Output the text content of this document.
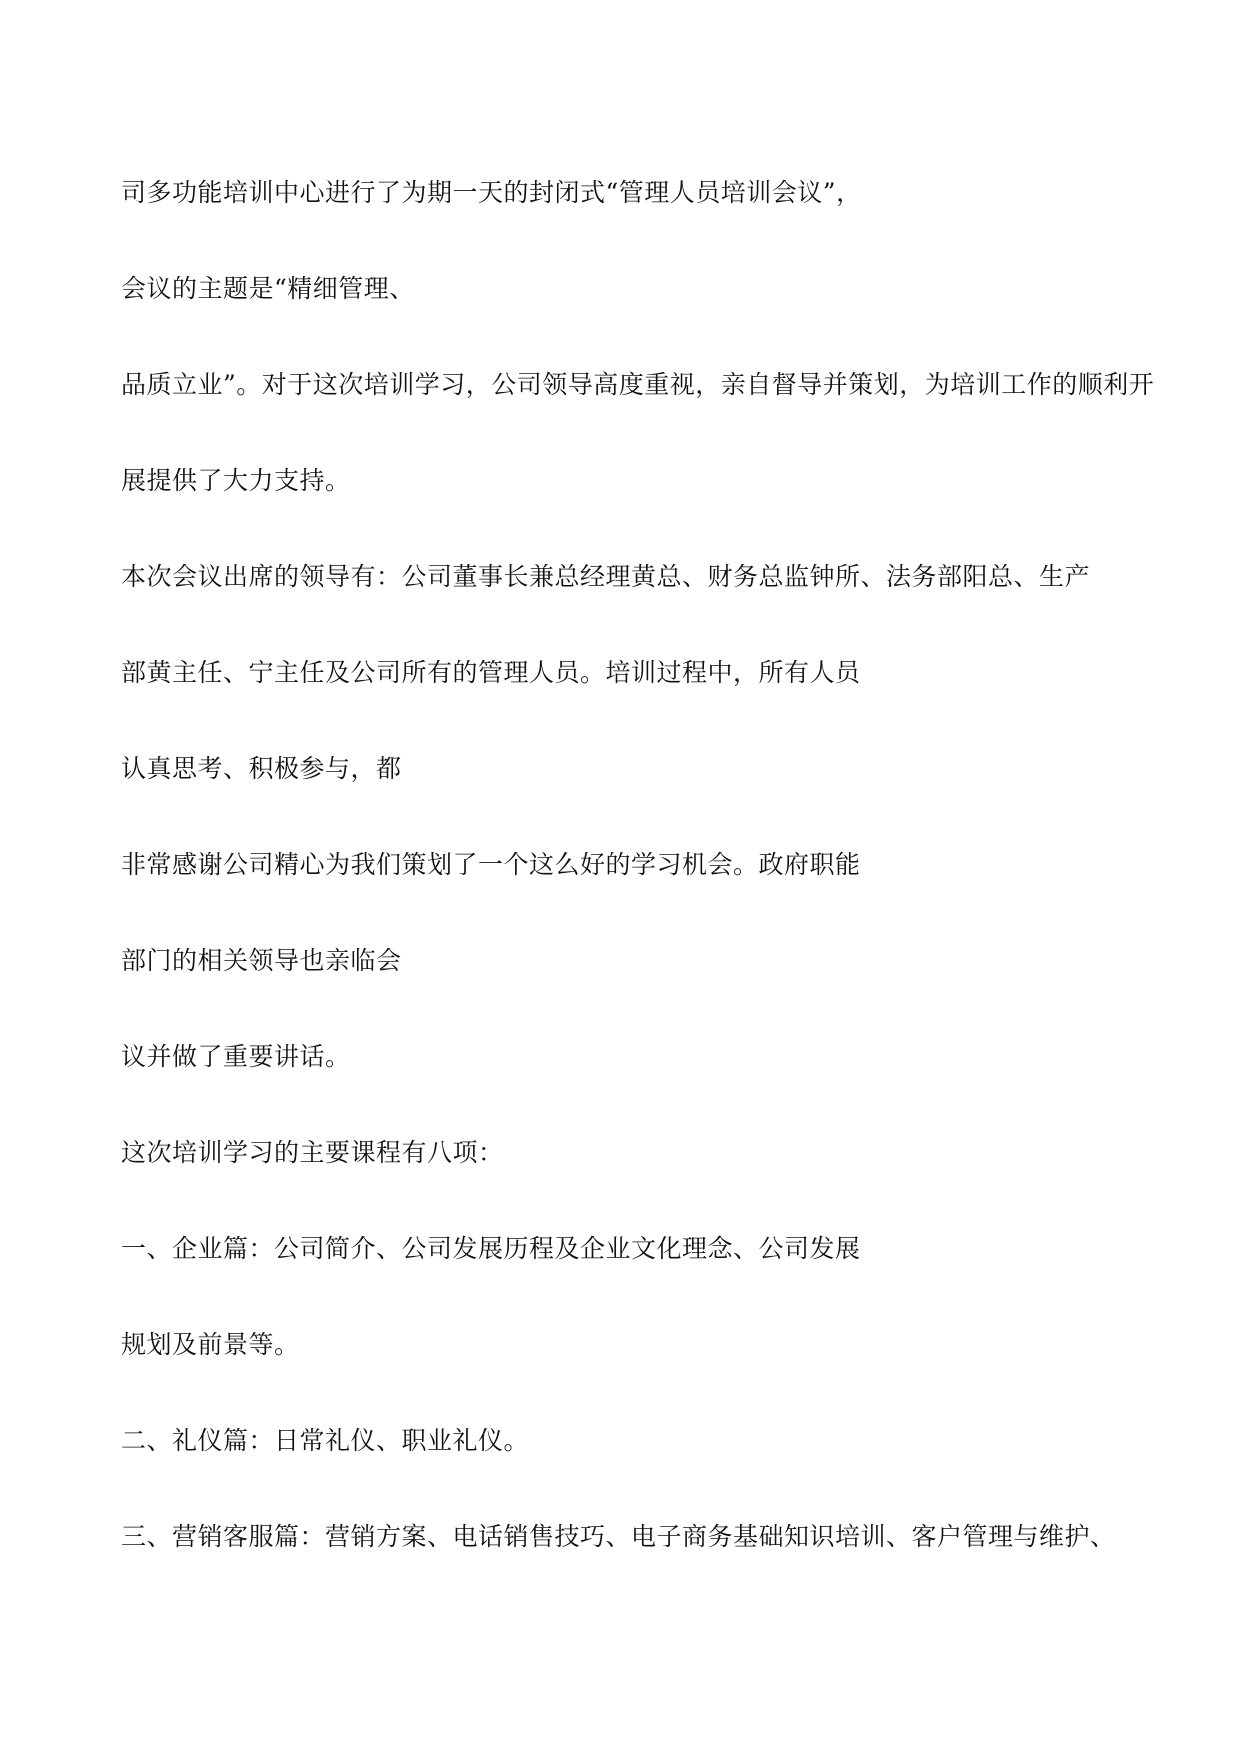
司多功能培训中心进行了为期一天的封闭式“管理人员培训会议”，
会议的主题是“精细管理、
品质立业”。对于这次培训学习，公司领导高度重视，亲自督导并策划，为培训工作的顺利开
展提供了大力支持。
本次会议出席的领导有：公司董事长兼总经理黄总、财务总监钟所、法务部阳总、生产
部黄主任、宁主任及公司所有的管理人员。培训过程中，所有人员
认真思考、积极参与，都
非常感谢公司精心为我们策划了一个这么好的学习机会。政府职能
部门的相关领导也亲临会
议并做了重要讲话。
这次培训学习的主要课程有八项：
一、企业篇：公司简介、公司发展历程及企业文化理念、公司发展
规划及前景等。
二、礼仪篇：日常礼仪、职业礼仪。
三、营销客服篇：营销方案、电话销售技巧、电子商务基础知识培训、客户管理与维护、
